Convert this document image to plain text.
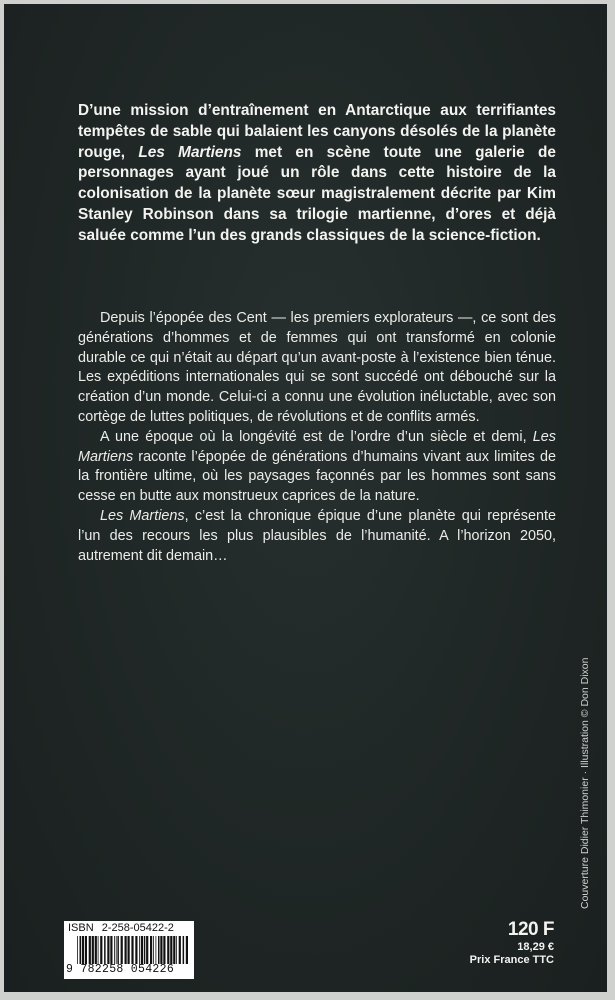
D’une mission d’entraînement en Antarctique aux terrifiantes tempêtes de sable qui balaient les canyons désolés de la planète rouge, Les Martiens met en scène toute une galerie de personnages ayant joué un rôle dans cette histoire de la colonisation de la planète sœur magistralement décrite par Kim Stanley Robinson dans sa trilogie martienne, d’ores et déjà saluée comme l’un des grands classiques de la science-fiction.

Depuis l’épopée des Cent — les premiers explorateurs —, ce sont des générations d’hommes et de femmes qui ont transformé en colonie durable ce qui n’était au départ qu’un avant-poste à l’existence bien ténue. Les expéditions internationales qui se sont succédé ont débouché sur la création d’un monde. Celui-ci a connu une évolution inéluctable, avec son cortège de luttes politiques, de révolutions et de conflits armés.

A une époque où la longévité est de l’ordre d’un siècle et demi, Les Martiens raconte l’épopée de générations d’humains vivant aux limites de la frontière ultime, où les paysages façonnés par les hommes sont sans cesse en butte aux monstrueux caprices de la nature.

Les Martiens, c’est la chronique épique d’une planète qui représente l’un des recours les plus plausibles de l’humanité. A l’horizon 2050, autrement dit demain…

Couverture Didier Thimonier · Illustration © Don Dixon
ISBN 2-258-05422-2
9 782258 054226
120 F
18,29 €
Prix France TTC
